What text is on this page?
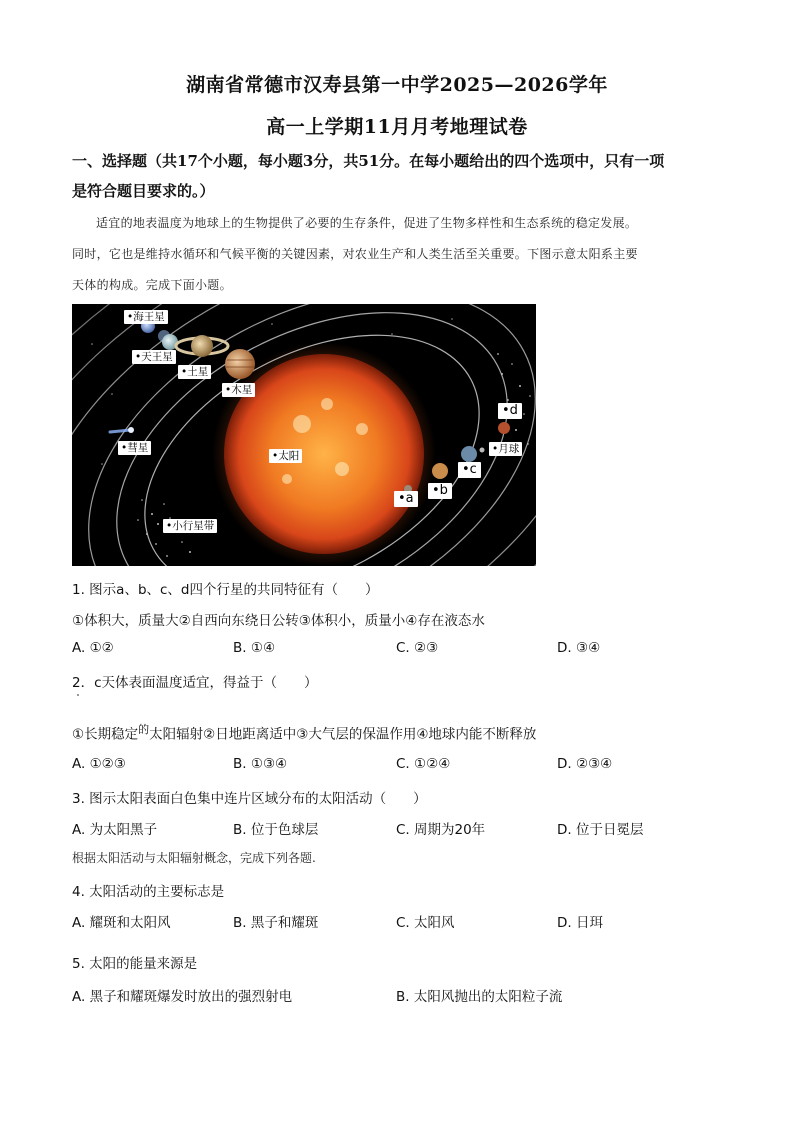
湖南省常德市汉寿县第一中学2025—2026学年
高一上学期11月月考地理试卷
一、选择题（共17个小题，每小题3分，共51分。在每小题给出的四个选项中，只有一项
是符合题目要求的。）
适宜的地表温度为地球上的生物提供了必要的生存条件，促进了生物多样性和生态系统的稳定发展。
同时，它也是维持水循环和气候平衡的关键因素，对农业生产和人类生活至关重要。下图示意太阳系主要
天体的构成。完成下面小题。
•海王星
•天王星
•土星
•木星
•彗星
•太阳
•小行星带
•a
•b
•c
•d
•月球
1. 图示a、b、c、d四个行星的共同特征有（　　）
①体积大，质量大②自西向东绕日公转③体积小，质量小④存在液态水
A. ①②	B. ①④	C. ②③	D. ③④
2．c天体表面温度适宜，得益于（　　）
①长期稳定$^的$太阳辐射②日地距离适中③大气层的保温作用④地球内能不断释放
A. ①②③	B. ①③④	C. ①②④	D. ②③④
3. 图示太阳表面白色集中连片区域分布的太阳活动（　　）
A. 为太阳黑子	B. 位于色球层	C. 周期为20年	D. 位于日冕层
根据太阳活动与太阳辐射概念，完成下列各题.
4. 太阳活动的主要标志是
A. 耀斑和太阳风	B. 黑子和耀斑	C. 太阳风	D. 日珥
5. 太阳的能量来源是
A. 黑子和耀斑爆发时放出的强烈射电	B. 太阳风抛出的太阳粒子流
